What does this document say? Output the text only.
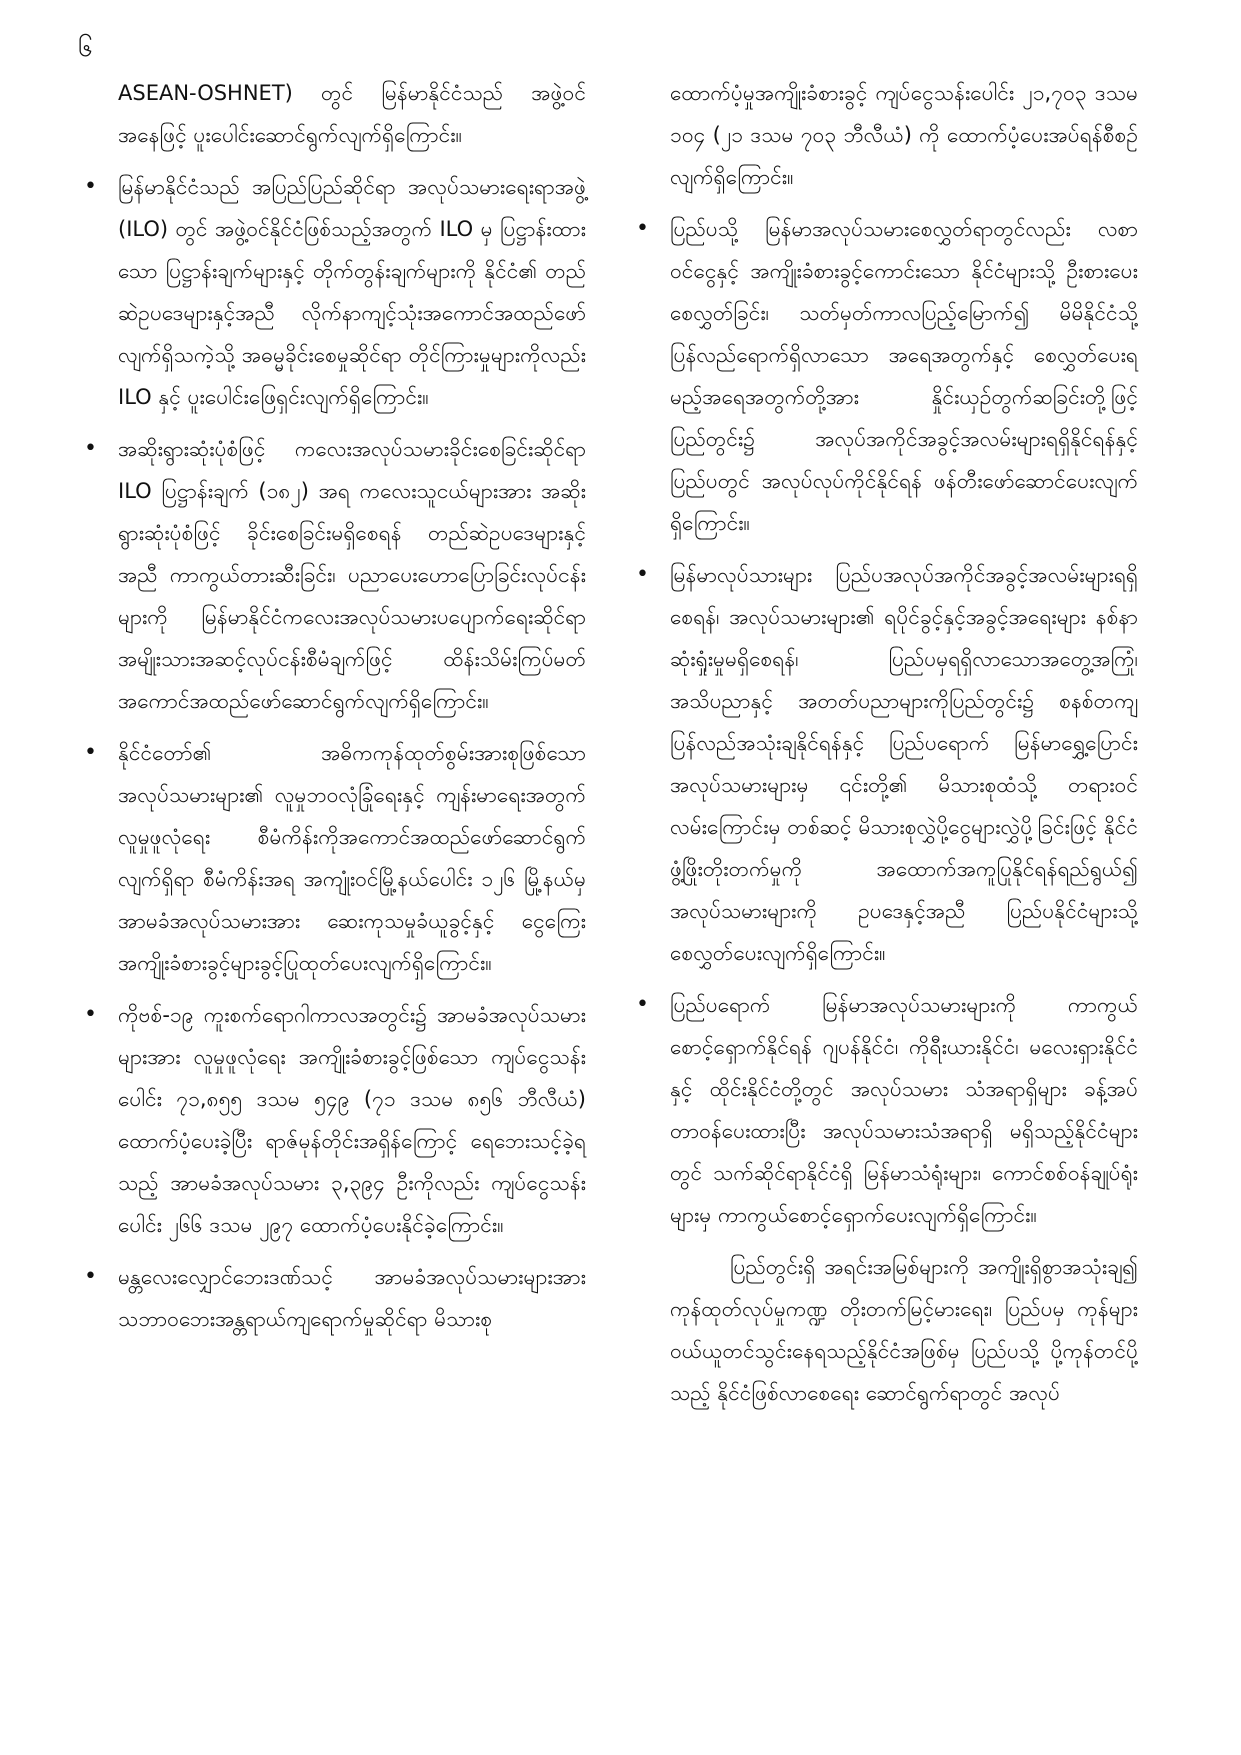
၆

ASEAN-OSHNET) တွင် မြန်မာနိုင်ငံသည် အဖွဲ့ဝင်အနေဖြင့် ပူးပေါင်းဆောင်ရွက်လျက်ရှိကြောင်း။

• မြန်မာနိုင်ငံသည် အပြည်ပြည်ဆိုင်ရာ အလုပ်သမားရေးရာအဖွဲ့ (ILO) တွင် အဖွဲ့ဝင်နိုင်ငံဖြစ်သည့်အတွက် ILO မှ ပြဋ္ဌာန်းထားသော ပြဋ္ဌာန်းချက်များနှင့် တိုက်တွန်းချက်များကို နိုင်ငံ၏ တည်ဆဲဥပဒေများနှင့်အညီ လိုက်နာကျင့်သုံးအကောင်အထည်ဖော်လျက်ရှိသကဲ့သို့ အဓမ္မခိုင်းစေမှုဆိုင်ရာ တိုင်ကြားမှုများကိုလည်း ILO နှင့် ပူးပေါင်းဖြေရှင်းလျက်ရှိကြောင်း။
• အဆိုးရွားဆုံးပုံစံဖြင့် ကလေးအလုပ်သမားခိုင်းစေခြင်းဆိုင်ရာ ILO ပြဋ္ဌာန်းချက် (၁၈၂) အရ ကလေးသူငယ်များအား အဆိုးရွားဆုံးပုံစံဖြင့် ခိုင်းစေခြင်းမရှိစေရန် တည်ဆဲဥပဒေများနှင့်အညီ ကာကွယ်တားဆီးခြင်း၊ ပညာပေးဟောပြောခြင်းလုပ်ငန်းများကို မြန်မာနိုင်ငံကလေးအလုပ်သမားပပျောက်ရေးဆိုင်ရာ အမျိုးသားအဆင့်လုပ်ငန်းစီမံချက်ဖြင့် ထိန်းသိမ်းကြပ်မတ်အကောင်အထည်ဖော်ဆောင်ရွက်လျက်ရှိကြောင်း။
• နိုင်ငံတော်၏ အဓိကကုန်ထုတ်စွမ်းအားစုဖြစ်သော အလုပ်သမားများ၏ လူမှုဘဝလုံခြုံရေးနှင့် ကျန်းမာရေးအတွက် လူမှုဖူလုံရေး စီမံကိန်းကိုအကောင်အထည်ဖော်ဆောင်ရွက်လျက်ရှိရာ စီမံကိန်းအရ အကျုံးဝင်မြို့နယ်ပေါင်း ၁၂၆ မြို့နယ်မှ အာမခံအလုပ်သမားအား ဆေးကုသမှုခံယူခွင့်နှင့် ငွေကြေးအကျိုးခံစားခွင့်များခွင့်ပြုထုတ်ပေးလျက်ရှိကြောင်း။
• ကိုဗစ်-၁၉ ကူးစက်ရောဂါကာလအတွင်း၌ အာမခံအလုပ်သမားများအား လူမှုဖူလုံရေး အကျိုးခံစားခွင့်ဖြစ်သော ကျပ်ငွေသန်းပေါင်း ၇၁,၈၅၅ ဒသမ ၅၄၉ (၇၁ ဒသမ ၈၅၆ ဘီလီယံ) ထောက်ပံ့ပေးခဲ့ပြီး ရာဇ်မုန်တိုင်းအရှိန်ကြောင့် ရေဘေးသင့်ခဲ့ရသည့် အာမခံအလုပ်သမား ၃,၃၉၄ ဦးကိုလည်း ကျပ်ငွေသန်းပေါင်း ၂၆၆ ဒသမ ၂၉၇ ထောက်ပံ့ပေးနိုင်ခဲ့ကြောင်း။
• မန္တလေးလျှောင်ဘေးဒဏ်သင့် အာမခံအလုပ်သမားများအား သဘာဝဘေးအန္တရာယ်ကျရောက်မှုဆိုင်ရာ မိသားစု

ထောက်ပံ့မှုအကျိုးခံစားခွင့် ကျပ်ငွေသန်းပေါင်း ၂၁,၇၀၃ ဒသမ ၁၀၄ (၂၁ ဒသမ ၇၀၃ ဘီလီယံ) ကို ထောက်ပံ့ပေးအပ်ရန်စီစဉ်လျက်ရှိကြောင်း။

• ပြည်ပသို့ မြန်မာအလုပ်သမားစေလွှတ်ရာတွင်လည်း လစာဝင်ငွေနှင့် အကျိုးခံစားခွင့်ကောင်းသော နိုင်ငံများသို့ ဦးစားပေးစေလွှတ်ခြင်း၊ သတ်မှတ်ကာလပြည့်မြောက်၍ မိမိနိုင်ငံသို့ ပြန်လည်ရောက်ရှိလာသော အရေအတွက်နှင့် စေလွှတ်ပေးရမည့်အရေအတွက်တို့အား နှိုင်းယှဉ်တွက်ဆခြင်းတို့ဖြင့် ပြည်တွင်း၌ အလုပ်အကိုင်အခွင့်အလမ်းများရရှိနိုင်ရန်နှင့် ပြည်ပတွင် အလုပ်လုပ်ကိုင်နိုင်ရန် ဖန်တီးဖော်ဆောင်ပေးလျက်ရှိကြောင်း။
• မြန်မာလုပ်သားများ ပြည်ပအလုပ်အကိုင်အခွင့်အလမ်းများရရှိစေရန်၊ အလုပ်သမားများ၏ ရပိုင်ခွင့်နှင့်အခွင့်အရေးများ နစ်နာဆုံးရှုံးမှုမရှိစေရန်၊ ပြည်ပမှရရှိလာသောအတွေ့အကြုံ၊ အသိပညာနှင့် အတတ်ပညာများကိုပြည်တွင်း၌ စနစ်တကျပြန်လည်အသုံးချနိုင်ရန်နှင့် ပြည်ပရောက် မြန်မာရွှေ့ပြောင်းအလုပ်သမားများမှ ၎င်းတို့၏ မိသားစုထံသို့ တရားဝင်လမ်းကြောင်းမှ တစ်ဆင့် မိသားစုလွှဲပို့ငွေများလွှဲပို့ခြင်းဖြင့် နိုင်ငံဖွံ့ဖြိုးတိုးတက်မှုကို အထောက်အကူပြုနိုင်ရန်ရည်ရွယ်၍ အလုပ်သမားများကို ဥပဒေနှင့်အညီ ပြည်ပနိုင်ငံများသို့ စေလွှတ်ပေးလျက်ရှိကြောင်း။
• ပြည်ပရောက် မြန်မာအလုပ်သမားများကို ကာကွယ်စောင့်ရှောက်နိုင်ရန် ဂျပန်နိုင်ငံ၊ ကိုရီးယားနိုင်ငံ၊ မလေးရှားနိုင်ငံနှင့် ထိုင်းနိုင်ငံတို့တွင် အလုပ်သမား သံအရာရှိများ ခန့်အပ်တာဝန်ပေးထားပြီး အလုပ်သမားသံအရာရှိ မရှိသည့်နိုင်ငံများတွင် သက်ဆိုင်ရာနိုင်ငံရှိ မြန်မာသံရုံးများ၊ ကောင်စစ်ဝန်ချုပ်ရုံးများမှ ကာကွယ်စောင့်ရှောက်ပေးလျက်ရှိကြောင်း။

ပြည်တွင်းရှိ အရင်းအမြစ်များကို အကျိုးရှိစွာအသုံးချ၍ ကုန်ထုတ်လုပ်မှုကဏ္ဍ တိုးတက်မြင့်မားရေး၊ ပြည်ပမှ ကုန်များ ဝယ်ယူတင်သွင်းနေရသည့်နိုင်ငံအဖြစ်မှ ပြည်ပသို့ ပို့ကုန်တင်ပို့သည့် နိုင်ငံဖြစ်လာစေရေး ဆောင်ရွက်ရာတွင် အလုပ်
